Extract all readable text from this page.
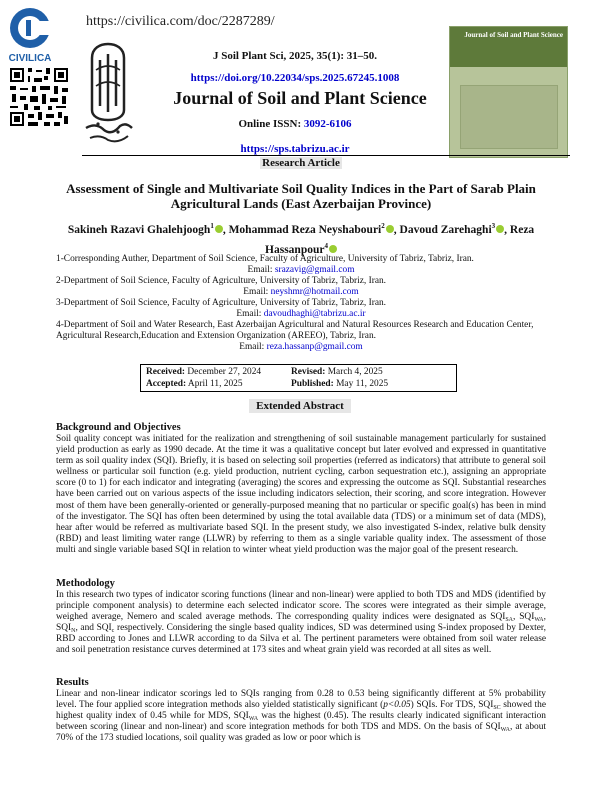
CIVILICA
https://civilica.com/doc/2287289/
J Soil Plant Sci, 2025, 35(1): 31–50.
https://doi.org/10.22034/sps.2025.67245.1008
Journal of Soil and Plant Science
Online ISSN: 3092-6106
https://sps.tabrizu.ac.ir
Journal of Soil and Plant Science
Research Article
Assessment of Single and Multivariate Soil Quality Indices in the Part of Sarab Plain Agricultural Lands (East Azerbaijan Province)
Sakineh Razavi Ghalehjoogh$^1$ , Mohammad Reza Neyshabouri$^2$ , Davoud Zarehaghi$^3$ , Reza Hassanpour$^4$
1-Corresponding Auther, Department of Soil Science, Faculty of Agriculture, University of Tabriz, Tabriz, Iran.
Email: srazavig@gmail.com
2-Department of Soil Science, Faculty of Agriculture, University of Tabriz, Tabriz, Iran.
Email: neyshmr@hotmail.com
3-Department of Soil Science, Faculty of Agriculture, University of Tabriz, Tabriz, Iran.
Email: davoudhaghi@tabrizu.ac.ir
4-Department of Soil and Water Research, East Azerbaijan Agricultural and Natural Resources Research and Education Center, Agricultural Research,Education and Extension Organization (AREEO), Tabriz, Iran.
Email: reza.hassanp@gmail.com
Received: December 27, 2024	Revised: March 4, 2025
Accepted: April 11, 2025	Published: May 11, 2025
Extended Abstract
Background and Objectives
Soil quality concept was initiated for the realization and strengthening of soil sustainable management particularly for sustained yield production as early as 1990 decade. At the time it was a qualitative concept but later evolved and expressed in quantitative term as soil quality index (SQI). Briefly, it is based on selecting soil properties (referred as indicators) that attribute to general soil wellness or particular soil function (e.g. yield production, nutrient cycling, carbon sequestration etc.), assigning an appropriate score (0 to 1) for each indicator and integrating (averaging) the scores and expressing the outcome as SQI. Substantial researches have been carried out on various aspects of the issue including indicators selection, their scoring, and score integration. However most of them have been generally-oriented or generally-purposed meaning that no particular or specific goal(s) has been in mind of the investigator. The SQI has often been determined by using the total available data (TDS) or a minimum set of data (MDS), hear after would be referred as multivariate based SQI. In the present study, we also investigated S-index, relative bulk density (RBD) and least limiting water range (LLWR) by referring to them as a single variable quality index. The assessment of those multi and single variable based SQI in relation to winter wheat yield production was the major goal of the present research.
Methodology
In this research two types of indicator scoring functions (linear and non-linear) were applied to both TDS and MDS (identified by principle component analysis) to determine each selected indicator score. The scores were integrated as their simple average, weighed average, Nemero and scaled average methods. The corresponding quality indices were designated as $SQI_{SA}$, $SQI_{WA}$, $SQI_N$, and $SQI_c$ respectively. Considering the single based quality indices, SD was determined using S-index proposed by Dexter, RBD according to Jones and LLWR according to da Silva et al. The pertinent parameters were obtained from soil water release and soil penetration resistance curves determined at 173 sites and wheat grain yield was recorded at all sites as well.
Results
Linear and non-linear indicator scorings led to SQIs ranging from 0.28 to 0.53 being significantly different at 5% probability level. The four applied score integration methods also yielded statistically significant (p<0.05) SQIs. For TDS, $SQI_{SC}$ showed the highest quality index of 0.45 while for MDS, $SQI_{WA}$ was the highest (0.45). The results clearly indicated significant interaction between scoring (linear and non-linear) and score integration methods for both TDS and MDS. On the basis of $SQI_{WA}$, at about 70% of the 173 studied locations, soil quality was graded as low or poor which is
